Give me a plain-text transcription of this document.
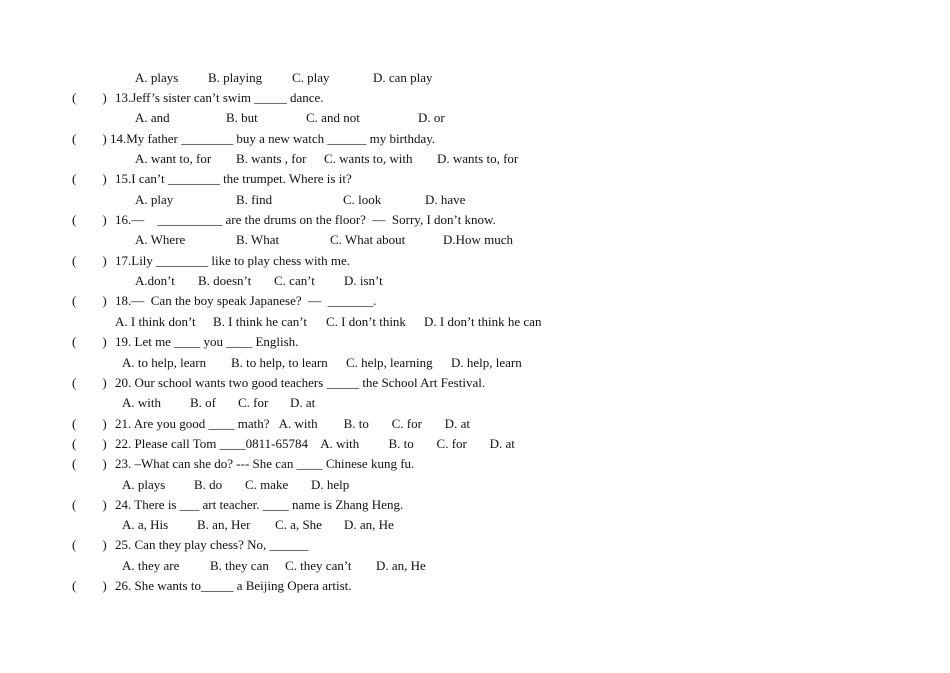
A. plays B. playing C. play	D. can play
(　　) 13.Jeff’s sister can’t swim _____ dance.
A. and	B. but	C. and not	D. or
(　　) 14.My father ________ buy a new watch ______ my birthday.
A. want to, for B. wants , for C. wants to, with D. wants to, for
(　　) 15.I can’t ________ the trumpet. Where is it?
A. play	B. find	C. look	D. have
(　　) 16.—    __________ are the drums on the floor?  —  Sorry, I don’t know.
A. Where	B. What	C. What about	D.How much
(　　) 17.Lily ________ like to play chess with me.
A.don’t B. doesn’t C. can’t D. isn’t
(　　) 18.—  Can the boy speak Japanese?  —  _______.
A. I think don’t B. I think he can’t C. I don’t think D. I don’t think he can
(　　) 19. Let me ____ you ____ English.
A. to help, learn B. to help, to learn C. help, learning D. help, learn
(　　) 20. Our school wants two good teachers _____ the School Art Festival.
A. with B. of C. for D. at
(　　) 21. Are you good ____ math?   A. with        B. to       C. for       D. at
(　　) 22. Please call Tom ____0811-65784    A. with         B. to       C. for       D. at
(　　) 23. –What can she do? --- She can ____ Chinese kung fu.
A. plays B. do C. make D. help
(　　) 24. There is ___ art teacher. ____ name is Zhang Heng.
A. a, His B. an, Her C. a, She D. an, He
(　　) 25. Can they play chess? No, ______
A. they are B. they can C. they can’t D. an, He
(　　) 26. She wants to_____ a Beijing Opera artist.
